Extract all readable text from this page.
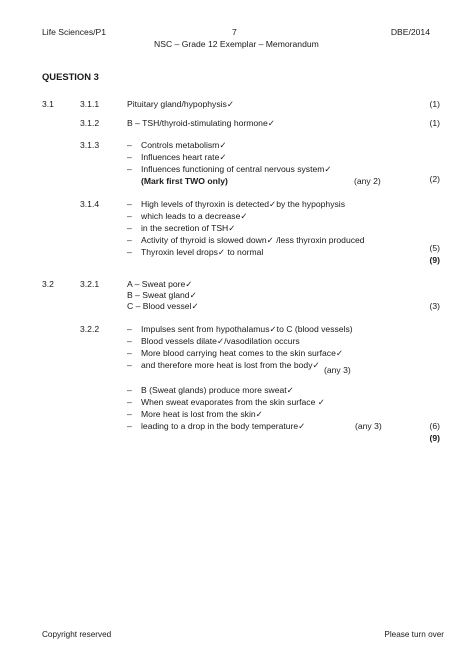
Life Sciences/P1	7	DBE/2014
NSC – Grade 12 Exemplar – Memorandum
QUESTION 3
3.1	3.1.1	Pituitary gland/hypophysis✓	(1)
3.1.2	B – TSH/thyroid-stimulating hormone✓	(1)
3.1.3	– Controls metabolism✓
– Influences heart rate✓
– Influences functioning of central nervous system✓
(Mark first TWO only)	(any 2)	(2)
3.1.4	– High levels of thyroxin is detected✓by the hypophysis
– which leads to a decrease✓
– in the secretion of TSH✓
– Activity of thyroid is slowed down✓ /less thyroxin produced
– Thyroxin level drops✓ to normal	(5)
(9)
3.2	3.2.1	A – Sweat pore✓
B – Sweat gland✓
C – Blood vessel✓	(3)
3.2.2	– Impulses sent from hypothalamus✓to C (blood vessels)
– Blood vessels dilate✓/vasodilation occurs
– More blood carrying heat comes to the skin surface✓
– and therefore more heat is lost from the body✓ (any 3)
– B (Sweat glands) produce more sweat✓
– When sweat evaporates from the skin surface ✓
– More heat is lost from the skin✓
– leading to a drop in the body temperature✓	(any 3)	(6)
(9)
Copyright reserved	Please turn over
